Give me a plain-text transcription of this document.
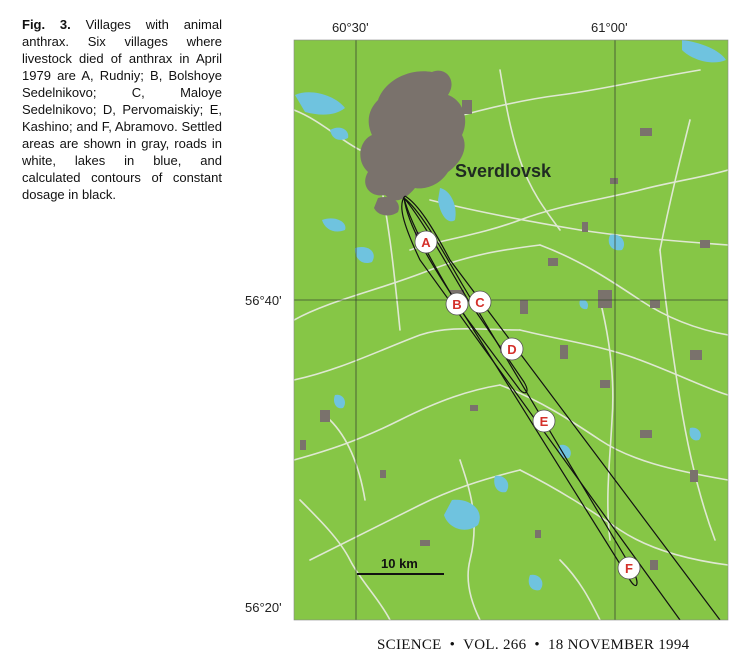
Fig. 3. Villages with animal anthrax. Six villages where livestock died of anthrax in April 1979 are A, Rudniy; B, Bolshoye Sedelnikovo; C, Maloye Sedelnikovo; D, Pervomaiskiy; E, Kashino; and F, Abramovo. Settled areas are shown in gray, roads in white, lakes in blue, and calculated contours of constant dosage in black.
60°30'	61°00'
56°40'
56°20'
A
B C
D
E
F
Sverdlovsk
10 km
SCIENCE • VOL. 266 • 18 NOVEMBER 1994
